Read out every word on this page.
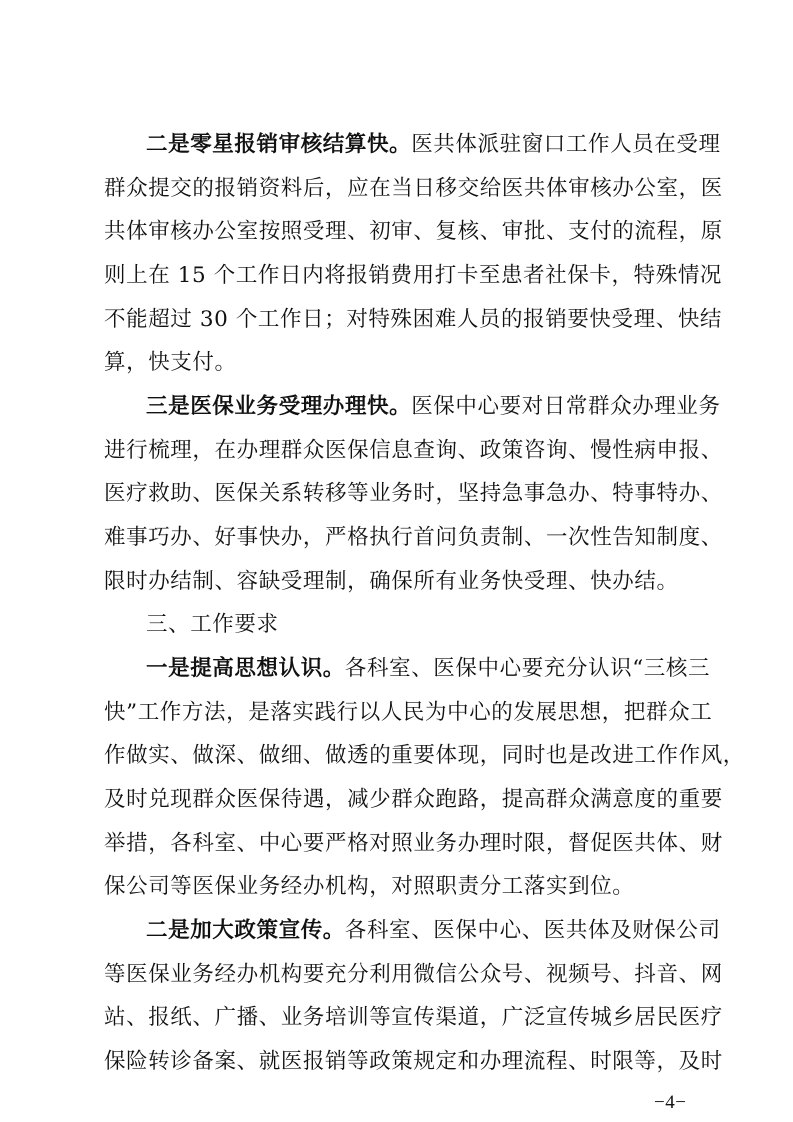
二是零星报销审核结算快。医共体派驻窗口工作人员在受理
群众提交的报销资料后，应在当日移交给医共体审核办公室，医
共体审核办公室按照受理、初审、复核、审批、支付的流程，原
则上在 15 个工作日内将报销费用打卡至患者社保卡，特殊情况
不能超过 30 个工作日；对特殊困难人员的报销要快受理、快结
算，快支付。
三是医保业务受理办理快。医保中心要对日常群众办理业务
进行梳理，在办理群众医保信息查询、政策咨询、慢性病申报、
医疗救助、医保关系转移等业务时，坚持急事急办、特事特办、
难事巧办、好事快办，严格执行首问负责制、一次性告知制度、
限时办结制、容缺受理制，确保所有业务快受理、快办结。
三、工作要求
一是提高思想认识。各科室、医保中心要充分认识“三核三
快”工作方法，是落实践行以人民为中心的发展思想，把群众工
作做实、做深、做细、做透的重要体现，同时也是改进工作作风，
及时兑现群众医保待遇，减少群众跑路，提高群众满意度的重要
举措，各科室、中心要严格对照业务办理时限，督促医共体、财
保公司等医保业务经办机构，对照职责分工落实到位。
二是加大政策宣传。各科室、医保中心、医共体及财保公司
等医保业务经办机构要充分利用微信公众号、视频号、抖音、网
站、报纸、广播、业务培训等宣传渠道，广泛宣传城乡居民医疗
保险转诊备案、就医报销等政策规定和办理流程、时限等，及时
−4−
